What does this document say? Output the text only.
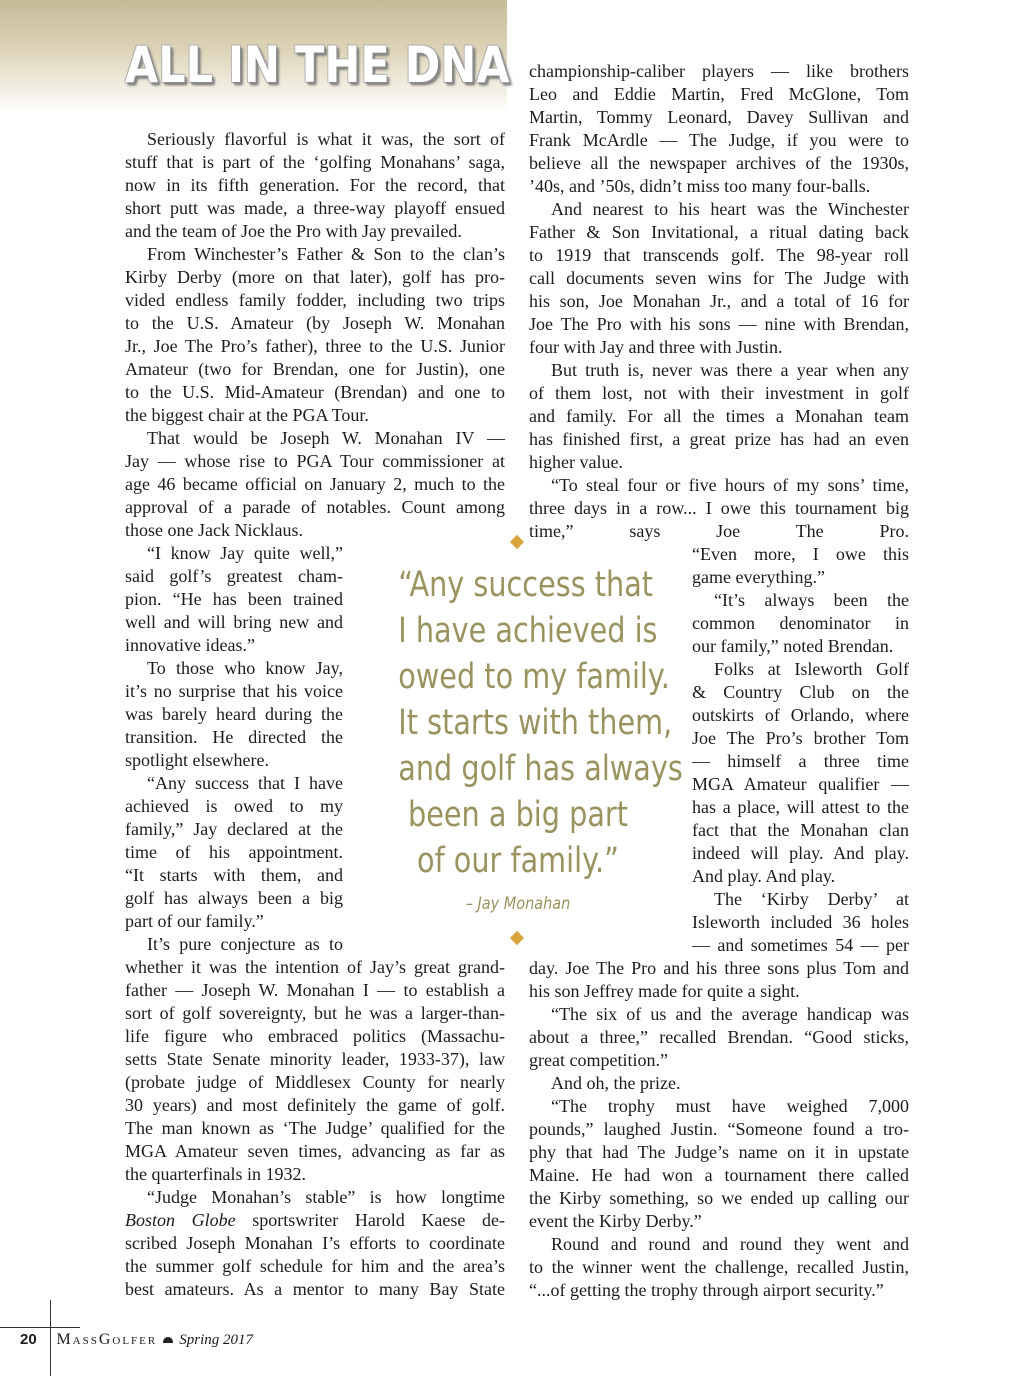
ALL IN THE DNA
Seriously flavorful is what it was, the sort of
stuff that is part of the ‘golfing Monahans’ saga,
now in its fifth generation. For the record, that
short putt was made, a three-way playoff ensued
and the team of Joe the Pro with Jay prevailed.
From Winchester’s Father & Son to the clan’s
Kirby Derby (more on that later), golf has pro-
vided endless family fodder, including two trips
to the U.S. Amateur (by Joseph W. Monahan
Jr., Joe The Pro’s father), three to the U.S. Junior
Amateur (two for Brendan, one for Justin), one
to the U.S. Mid-Amateur (Brendan) and one to
the biggest chair at the PGA Tour.
That would be Joseph W. Monahan IV —
Jay — whose rise to PGA Tour commissioner at
age 46 became official on January 2, much to the
approval of a parade of notables. Count among
those one Jack Nicklaus.
“I know Jay quite well,”
said golf’s greatest cham-
pion. “He has been trained
well and will bring new and
innovative ideas.”
To those who know Jay,
it’s no surprise that his voice
was barely heard during the
transition. He directed the
spotlight elsewhere.
“Any success that I have
achieved is owed to my
family,” Jay declared at the
time of his appointment.
“It starts with them, and
golf has always been a big
part of our family.”
It’s pure conjecture as to
whether it was the intention of Jay’s great grand-
father — Joseph W. Monahan I — to establish a
sort of golf sovereignty, but he was a larger-than-
life figure who embraced politics (Massachu-
setts State Senate minority leader, 1933-37), law
(probate judge of Middlesex County for nearly
30 years) and most definitely the game of golf.
The man known as ‘The Judge’ qualified for the
MGA Amateur seven times, advancing as far as
the quarterfinals in 1932.
“Judge Monahan’s stable” is how longtime
Boston Globe sportswriter Harold Kaese de-
scribed Joseph Monahan I’s efforts to coordinate
the summer golf schedule for him and the area’s
best amateurs. As a mentor to many Bay State
championship-caliber players — like brothers
Leo and Eddie Martin, Fred McGlone, Tom
Martin, Tommy Leonard, Davey Sullivan and
Frank McArdle — The Judge, if you were to
believe all the newspaper archives of the 1930s,
’40s, and ’50s, didn’t miss too many four-balls.
And nearest to his heart was the Winchester
Father & Son Invitational, a ritual dating back
to 1919 that transcends golf. The 98-year roll
call documents seven wins for The Judge with
his son, Joe Monahan Jr., and a total of 16 for
Joe The Pro with his sons — nine with Brendan,
four with Jay and three with Justin.
But truth is, never was there a year when any
of them lost, not with their investment in golf
and family. For all the times a Monahan team
has finished first, a great prize has had an even
higher value.
“To steal four or five hours of my sons’ time,
three days in a row... I owe this tournament big
time,” says Joe The Pro.
“Even more, I owe this
game everything.”
“It’s always been the
common denominator in
our family,” noted Brendan.
Folks at Isleworth Golf
& Country Club on the
outskirts of Orlando, where
Joe The Pro’s brother Tom
— himself a three time
MGA Amateur qualifier —
has a place, will attest to the
fact that the Monahan clan
indeed will play. And play.
And play. And play.
The ‘Kirby Derby’ at
Isleworth included 36 holes
— and sometimes 54 — per
day. Joe The Pro and his three sons plus Tom and
his son Jeffrey made for quite a sight.
“The six of us and the average handicap was
about a three,” recalled Brendan. “Good sticks,
great competition.”
And oh, the prize.
“The trophy must have weighed 7,000
pounds,” laughed Justin. “Someone found a tro-
phy that had The Judge’s name on it in upstate
Maine. He had won a tournament there called
the Kirby something, so we ended up calling our
event the Kirby Derby.”
Round and round and round they went and
to the winner went the challenge, recalled Justin,
“...of getting the trophy through airport security.”
“Any success that
I have achieved is
owed to my family.
It starts with them,
and golf has always
been a big part
of our family.”
– Jay Monahan
20 MassGolfer Spring 2017
